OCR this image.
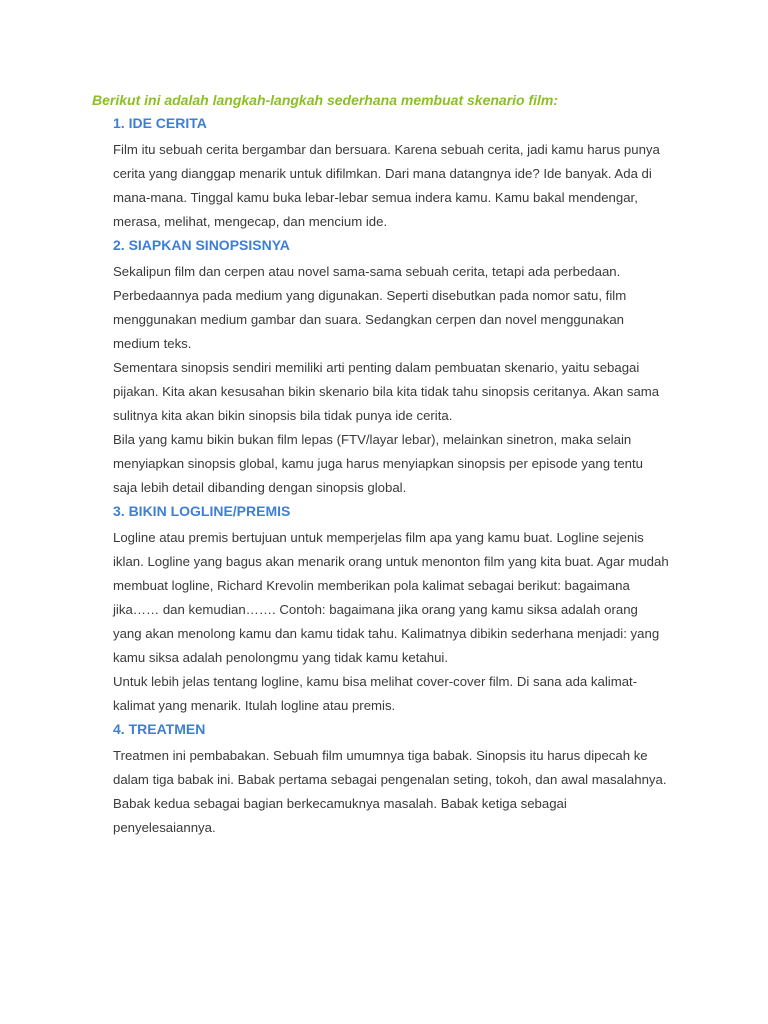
Berikut ini adalah langkah-langkah sederhana membuat skenario film:
1. IDE CERITA
Film itu sebuah cerita bergambar dan bersuara. Karena sebuah cerita, jadi kamu harus punya
cerita yang dianggap menarik untuk difilmkan. Dari mana datangnya ide? Ide banyak. Ada di
mana-mana. Tinggal kamu buka lebar-lebar semua indera kamu. Kamu bakal mendengar,
merasa, melihat, mengecap, dan mencium ide.
2. SIAPKAN SINOPSISNYA
Sekalipun film dan cerpen atau novel sama-sama sebuah cerita, tetapi ada perbedaan.
Perbedaannya pada medium yang digunakan. Seperti disebutkan pada nomor satu, film
menggunakan medium gambar dan suara. Sedangkan cerpen dan novel menggunakan
medium teks.
Sementara sinopsis sendiri memiliki arti penting dalam pembuatan skenario, yaitu sebagai
pijakan. Kita akan kesusahan bikin skenario bila kita tidak tahu sinopsis ceritanya. Akan sama
sulitnya kita akan bikin sinopsis bila tidak punya ide cerita.
Bila yang kamu bikin bukan film lepas (FTV/layar lebar), melainkan sinetron, maka selain
menyiapkan sinopsis global, kamu juga harus menyiapkan sinopsis per episode yang tentu
saja lebih detail dibanding dengan sinopsis global.
3. BIKIN LOGLINE/PREMIS
Logline atau premis bertujuan untuk memperjelas film apa yang kamu buat. Logline sejenis
iklan. Logline yang bagus akan menarik orang untuk menonton film yang kita buat. Agar mudah
membuat logline, Richard Krevolin memberikan pola kalimat sebagai berikut: bagaimana
jika…… dan kemudian……. Contoh: bagaimana jika orang yang kamu siksa adalah orang
yang akan menolong kamu dan kamu tidak tahu. Kalimatnya dibikin sederhana menjadi: yang
kamu siksa adalah penolongmu yang tidak kamu ketahui.
Untuk lebih jelas tentang logline, kamu bisa melihat cover-cover film. Di sana ada kalimat-
kalimat yang menarik. Itulah logline atau premis.
4. TREATMEN
Treatmen ini pembabakan. Sebuah film umumnya tiga babak. Sinopsis itu harus dipecah ke
dalam tiga babak ini. Babak pertama sebagai pengenalan seting, tokoh, dan awal masalahnya.
Babak kedua sebagai bagian berkecamuknya masalah. Babak ketiga sebagai
penyelesaiannya.
